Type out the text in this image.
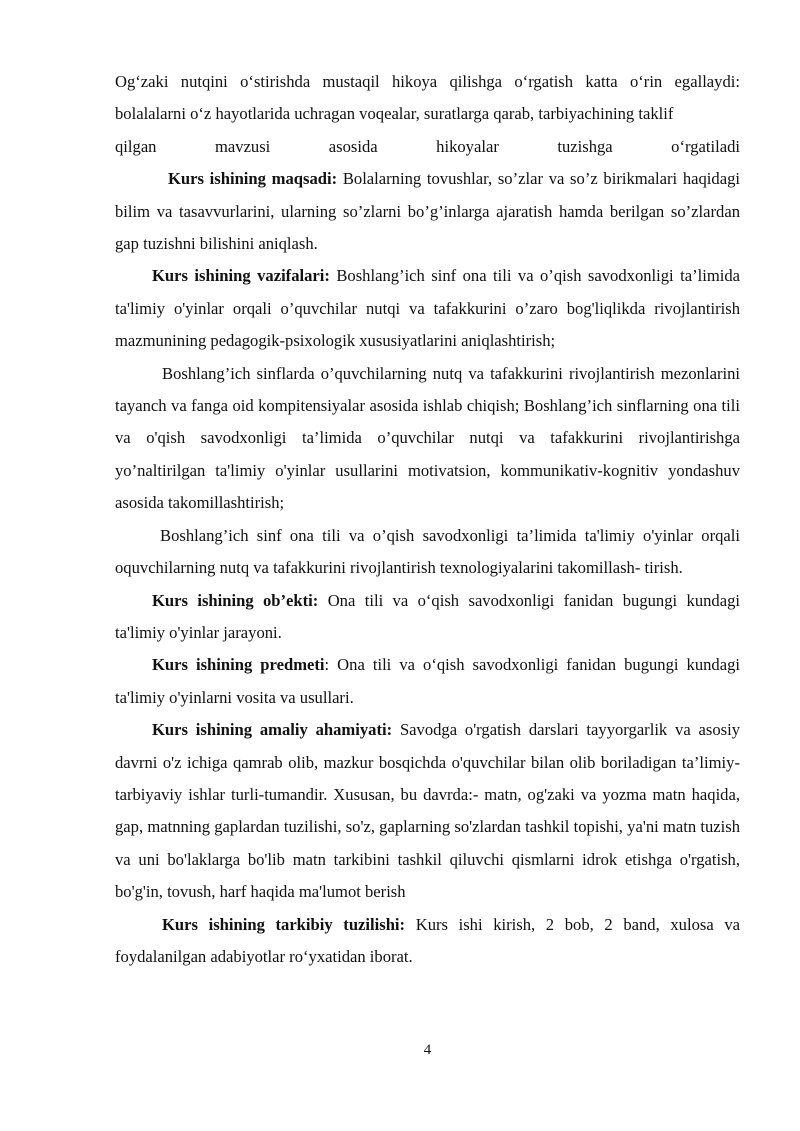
Og‘zaki nutqini o‘stirishda mustaqil hikoya qilishga o‘rgatish katta o‘rin egallaydi: bolalalarni o‘z hayotlarida uchragan voqealar, suratlarga qarab, tarbiyachining taklif

qilgan mavzusi asosida hikoyalar tuzishga o‘rgatiladi

Kurs ishining maqsadi: Bolalarning tovushlar, so’zlar va so’z birikmalari haqidagi bilim va tasavvurlarini, ularning so’zlarni bo’g’inlarga ajaratish hamda berilgan so’zlardan gap tuzishni bilishini aniqlash.

Kurs ishining vazifalari: Boshlang’ich sinf ona tili va o’qish savodxonligi ta’limida ta'limiy o'yinlar orqali o’quvchilar nutqi va tafakkurini o’zaro bog'liqlikda rivojlantirish mazmunining pedagogik-psixologik xususiyatlarini aniqlashtirish;

Boshlang’ich sinflarda o’quvchilarning nutq va tafakkurini rivojlantirish mezonlarini tayanch va fanga oid kompitensiyalar asosida ishlab chiqish; Boshlang’ich sinflarning ona tili va o'qish savodxonligi ta’limida o’quvchilar nutqi va tafakkurini rivojlantirishga yo’naltirilgan ta'limiy o'yinlar usullarini motivatsion, kommunikativ-kognitiv yondashuv asosida takomillashtirish;

Boshlang’ich sinf ona tili va o’qish savodxonligi ta’limida ta'limiy o'yinlar orqali oquvchilarning nutq va tafakkurini rivojlantirish texnologiyalarini takomillash- tirish.

Kurs ishining ob’ekti: Ona tili va o‘qish savodxonligi fanidan bugungi kundagi ta'limiy o'yinlar jarayoni.

Kurs ishining predmeti: Ona tili va o‘qish savodxonligi fanidan bugungi kundagi ta'limiy o'yinlarni vosita va usullari.

Kurs ishining amaliy ahamiyati: Savodga o'rgatish darslari tayyorgarlik va asosiy davrni o'z ichiga qamrab olib, mazkur bosqichda o'quvchilar bilan olib boriladigan ta’limiy-tarbiyaviy ishlar turli-tumandir. Xususan, bu davrda:- matn, og'zaki va yozma matn haqida, gap, matnning gaplardan tuzilishi, so'z, gaplarning so'zlardan tashkil topishi, ya'ni matn tuzish va uni bo'laklarga bo'lib matn tarkibini tashkil qiluvchi qismlarni idrok etishga o'rgatish, bo'g'in, tovush, harf haqida ma'lumot berish

Kurs ishining tarkibiy tuzilishi: Kurs ishi kirish, 2 bob, 2 band, xulosa va foydalanilgan adabiyotlar ro‘yxatidan iborat.

4
